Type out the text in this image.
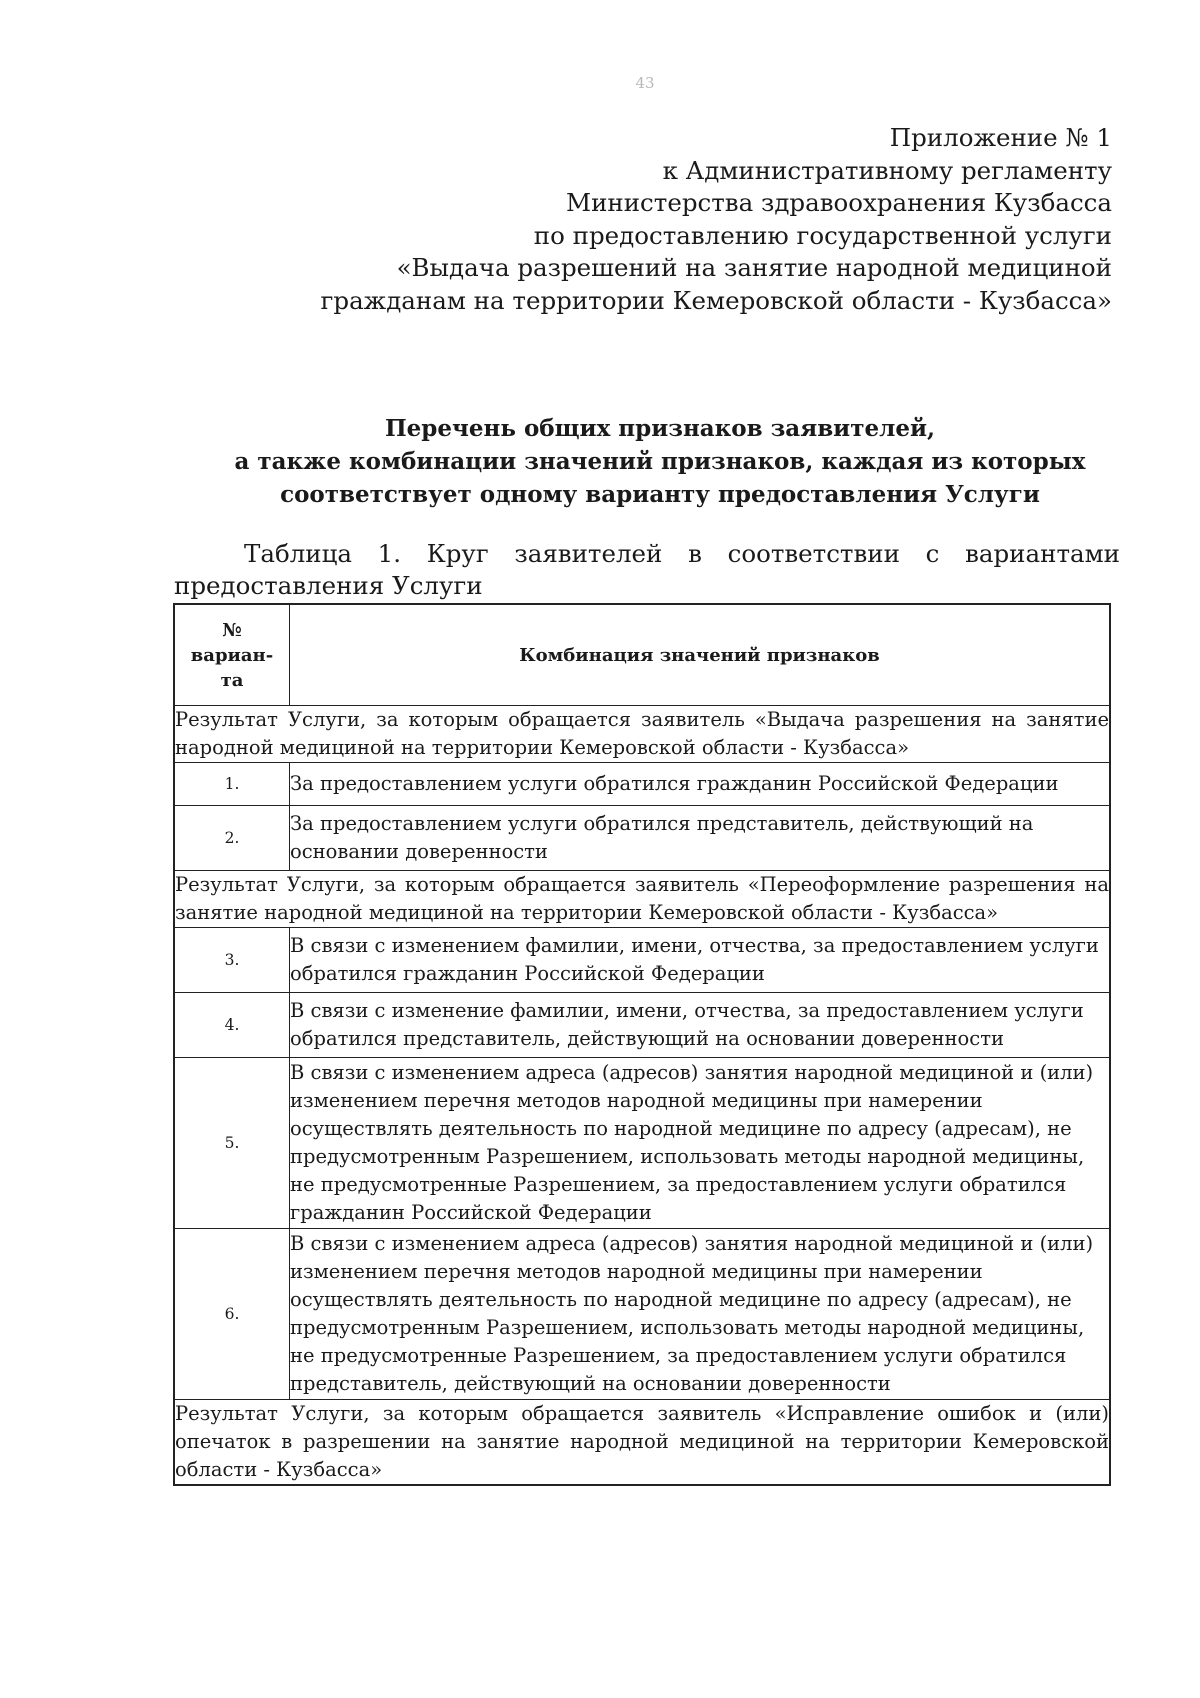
43
Приложение № 1
к Административному регламенту
Министерства здравоохранения Кузбасса
по предоставлению государственной услуги
«Выдача разрешений на занятие народной медициной
гражданам на территории Кемеровской области - Кузбасса»
Перечень общих признаков заявителей,
а также комбинации значений признаков, каждая из которых
соответствует одному варианту предоставления Услуги
Таблица 1. Круг заявителей в соответствии с вариантами
предоставления Услуги
№
вариан-
та	Комбинация значений признаков
Результат Услуги, за которым обращается заявитель «Выдача разрешения на занятие народной медициной на территории Кемеровской области - Кузбасса»	
1.	За предоставлением услуги обратился гражданин Российской Федерации
2.	За предоставлением услуги обратился представитель, действующий на основании доверенности
Результат Услуги, за которым обращается заявитель «Переоформление разрешения на занятие народной медициной на территории Кемеровской области - Кузбасса»	
3.	В связи с изменением фамилии, имени, отчества, за предоставлением услуги обратился гражданин Российской Федерации
4.	В связи с изменение фамилии, имени, отчества, за предоставлением услуги обратился представитель, действующий на основании доверенности
5.	В связи с изменением адреса (адресов) занятия народной медициной и (или) изменением перечня методов народной медицины при намерении осуществлять деятельность по народной медицине по адресу (адресам), не предусмотренным Разрешением, использовать методы народной медицины, не предусмотренные Разрешением, за предоставлением услуги обратился гражданин Российской Федерации
6.	В связи с изменением адреса (адресов) занятия народной медициной и (или) изменением перечня методов народной медицины при намерении осуществлять деятельность по народной медицине по адресу (адресам), не предусмотренным Разрешением, использовать методы народной медицины, не предусмотренные Разрешением, за предоставлением услуги обратился представитель, действующий на основании доверенности
Результат Услуги, за которым обращается заявитель «Исправление ошибок и (или) опечаток в разрешении на занятие народной медициной на территории Кемеровской области - Кузбасса»	
